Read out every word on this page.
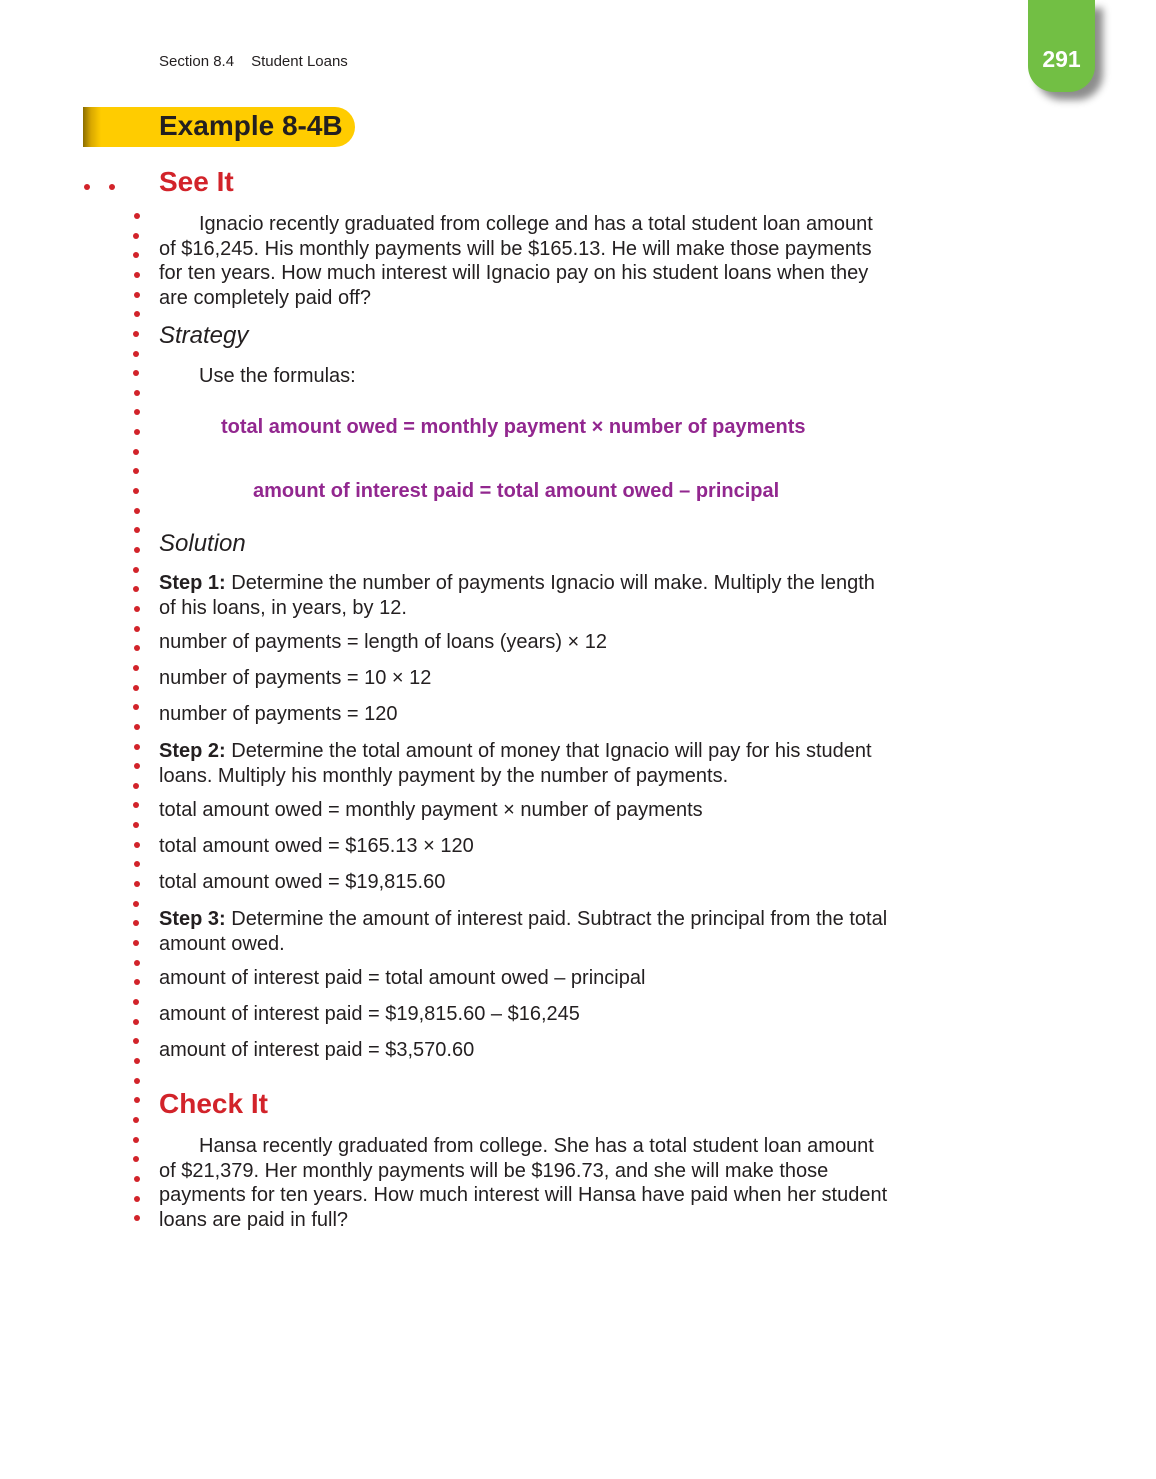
Section 8.4 Student Loans	291
Example 8-4B
See It
Ignacio recently graduated from college and has a total student loan amount of $16,245. His monthly payments will be $165.13. He will make those payments for ten years. How much interest will Ignacio pay on his student loans when they are completely paid off?
Strategy
Use the formulas:
total amount owed = monthly payment × number of payments
amount of interest paid = total amount owed – principal
Solution
Step 1: Determine the number of payments Ignacio will make. Multiply the length of his loans, in years, by 12.
number of payments = length of loans (years) × 12
number of payments = 10 × 12
number of payments = 120
Step 2: Determine the total amount of money that Ignacio will pay for his student loans. Multiply his monthly payment by the number of payments.
total amount owed = monthly payment × number of payments
total amount owed = $165.13 × 120
total amount owed = $19,815.60
Step 3: Determine the amount of interest paid. Subtract the principal from the total amount owed.
amount of interest paid = total amount owed – principal
amount of interest paid = $19,815.60 – $16,245
amount of interest paid = $3,570.60
Check It
Hansa recently graduated from college. She has a total student loan amount of $21,379. Her monthly payments will be $196.73, and she will make those payments for ten years. How much interest will Hansa have paid when her student loans are paid in full?
